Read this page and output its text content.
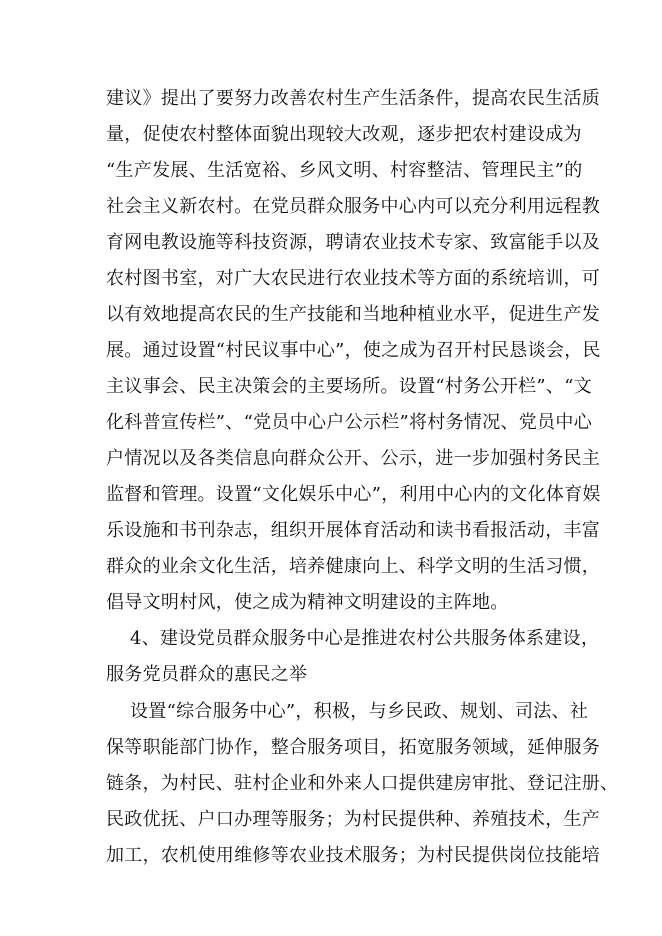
建议》提出了要努力改善农村生产生活条件，提高农民生活质
量，促使农村整体面貌出现较大改观，逐步把农村建设成为
“生产发展、生活宽裕、乡风文明、村容整洁、管理民主”的
社会主义新农村。在党员群众服务中心内可以充分利用远程教
育网电教设施等科技资源，聘请农业技术专家、致富能手以及
农村图书室，对广大农民进行农业技术等方面的系统培训，可
以有效地提高农民的生产技能和当地种植业水平，促进生产发
展。通过设置“村民议事中心”，使之成为召开村民恳谈会，民
主议事会、民主决策会的主要场所。设置“村务公开栏”、“文
化科普宣传栏”、“党员中心户公示栏”将村务情况、党员中心
户情况以及各类信息向群众公开、公示，进一步加强村务民主
监督和管理。设置“文化娱乐中心”，利用中心内的文化体育娱
乐设施和书刊杂志，组织开展体育活动和读书看报活动，丰富
群众的业余文化生活，培养健康向上、科学文明的生活习惯，
倡导文明村风，使之成为精神文明建设的主阵地。
4、建设党员群众服务中心是推进农村公共服务体系建设，
服务党员群众的惠民之举
设置“综合服务中心”，积极，与乡民政、规划、司法、社
保等职能部门协作，整合服务项目，拓宽服务领域，延伸服务
链条，为村民、驻村企业和外来人口提供建房审批、登记注册、
民政优抚、户口办理等服务；为村民提供种、养殖技术，生产
加工，农机使用维修等农业技术服务；为村民提供岗位技能培
